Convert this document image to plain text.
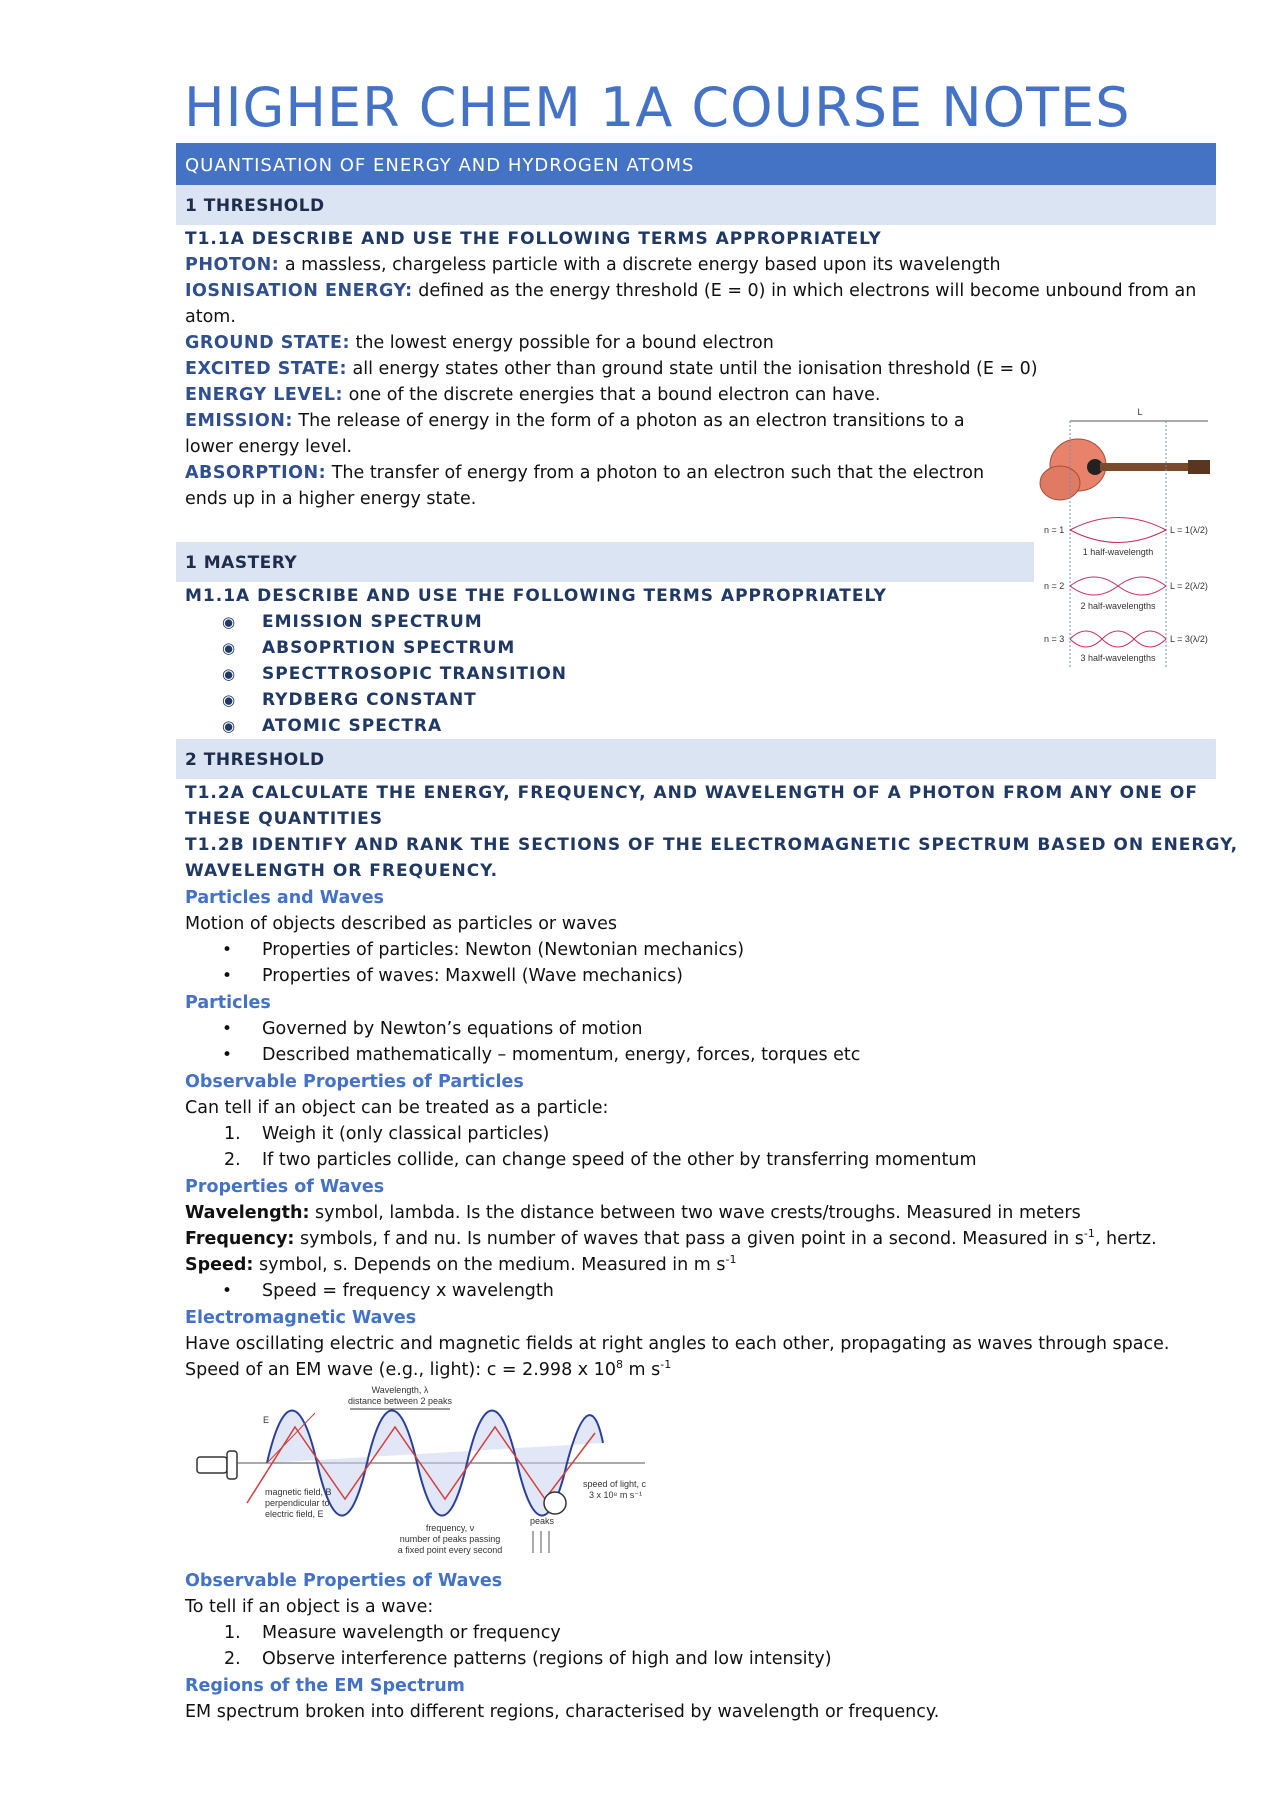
HIGHER CHEM 1A COURSE NOTES
QUANTISATION OF ENERGY AND HYDROGEN ATOMS
1 THRESHOLD
T1.1A DESCRIBE AND USE THE FOLLOWING TERMS APPROPRIATELY
PHOTON: a massless, chargeless particle with a discrete energy based upon its wavelength
IOSNISATION ENERGY: defined as the energy threshold (E = 0) in which electrons will become unbound from an
atom.
GROUND STATE: the lowest energy possible for a bound electron
EXCITED STATE: all energy states other than ground state until the ionisation threshold (E = 0)
ENERGY LEVEL: one of the discrete energies that a bound electron can have.
EMISSION: The release of energy in the form of a photon as an electron transitions to a
lower energy level.
ABSORPTION: The transfer of energy from a photon to an electron such that the electron
ends up in a higher energy state.
1 MASTERY
M1.1A DESCRIBE AND USE THE FOLLOWING TERMS APPROPRIATELY
◉ EMISSION SPECTRUM
◉ ABSOPRTION SPECTRUM
◉ SPECTTROSOPIC TRANSITION
◉ RYDBERG CONSTANT
◉ ATOMIC SPECTRA
L
n = 1
1 half-wavelength
L = 1(λ/2)
n = 2
2 half-wavelengths
L = 2(λ/2)
n = 3
3 half-wavelengths
L = 3(λ/2)
2 THRESHOLD
T1.2A CALCULATE THE ENERGY, FREQUENCY, AND WAVELENGTH OF A PHOTON FROM ANY ONE OF
THESE QUANTITIES
T1.2B IDENTIFY AND RANK THE SECTIONS OF THE ELECTROMAGNETIC SPECTRUM BASED ON ENERGY,
WAVELENGTH OR FREQUENCY.
Particles and Waves
Motion of objects described as particles or waves
• Properties of particles: Newton (Newtonian mechanics)
• Properties of waves: Maxwell (Wave mechanics)
Particles
• Governed by Newton’s equations of motion
• Described mathematically – momentum, energy, forces, torques etc
Observable Properties of Particles
Can tell if an object can be treated as a particle:
1. Weigh it (only classical particles)
2. If two particles collide, can change speed of the other by transferring momentum
Properties of Waves
Wavelength: symbol, lambda. Is the distance between two wave crests/troughs. Measured in meters
Frequency: symbols, f and nu. Is number of waves that pass a given point in a second. Measured in $s^{-1}$, hertz.
Speed: symbol, s. Depends on the medium. Measured in m $s^{-1}$
• Speed = frequency x wavelength
Electromagnetic Waves
Have oscillating electric and magnetic fields at right angles to each other, propagating as waves through space.
Speed of an EM wave (e.g., light): c = 2.998 x $10^8$ m $s^{-1}$
Wavelength, λ
distance between 2 peaks
E
magnetic field, B
perpendicular to
electric field, E
speed of light, c
3 x 10⁸ m s⁻¹
frequency, ν
number of peaks passing
a fixed point every second
peaks
Observable Properties of Waves
To tell if an object is a wave:
1. Measure wavelength or frequency
2. Observe interference patterns (regions of high and low intensity)
Regions of the EM Spectrum
EM spectrum broken into different regions, characterised by wavelength or frequency.
